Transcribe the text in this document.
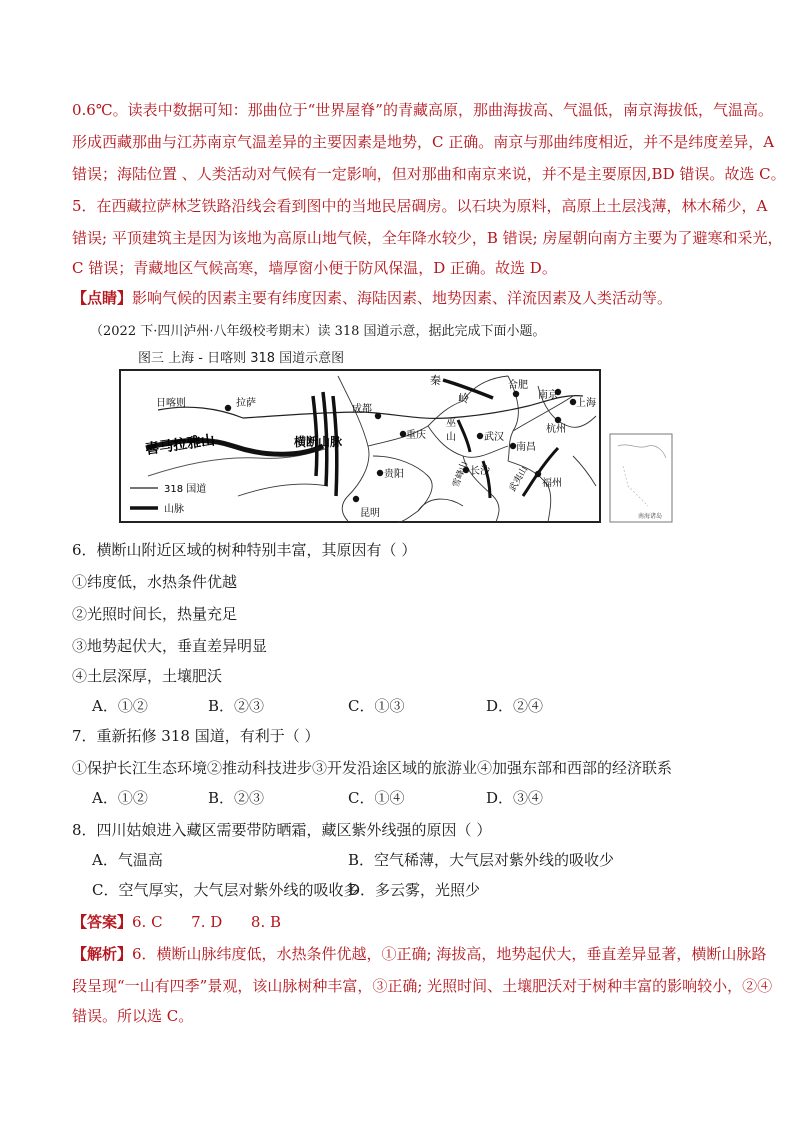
0.6℃。读表中数据可知：那曲位于“世界屋脊”的青藏高原，那曲海拔高、气温低，南京海拔低，气温高。
形成西藏那曲与江苏南京气温差异的主要因素是地势，C 正确。南京与那曲纬度相近，并不是纬度差异，A
错误；海陆位置 、人类活动对气候有一定影响，但对那曲和南京来说，并不是主要原因,BD 错误。故选 C。
5．在西藏拉萨林芝铁路沿线会看到图中的当地民居碉房。以石块为原料，高原上土层浅薄，林木稀少，A
错误; 平顶建筑主是因为该地为高原山地气候，全年降水较少，B 错误; 房屋朝向南方主要为了避寒和采光，
C 错误；青藏地区气候高寒，墙厚窗小便于防风保温，D 正确。故选 D。
【点睛】影响气候的因素主要有纬度因素、海陆因素、地势因素、洋流因素及人类活动等。
（2022 下·四川泸州·八年级校考期末）读 318 国道示意，据此完成下面小题。
图三 上海 - 日喀则 318 国道示意图
日喀则	拉萨
成都
重庆
贵阳
昆明
长沙
武汉
合肥
南京
上海
杭州
南昌
福州
喜马拉雅山	横断山脉
秦
岭
巫
山
雪峰山	武夷山
318 国道
山脉
南海诸岛
6．横断山附近区域的树种特别丰富，其原因有（ ）
①纬度低，水热条件优越
②光照时间长，热量充足
③地势起伏大，垂直差异明显
④土层深厚，土壤肥沃
A．①②	B．②③	C．①③	D．②④
7．重新拓修 318 国道，有利于（ ）
①保护长江生态环境②推动科技进步③开发沿途区域的旅游业④加强东部和西部的经济联系
A．①②	B．②③	C．①④	D．③④
8．四川姑娘进入藏区需要带防晒霜，藏区紫外线强的原因（ ）
A．气温高	B．空气稀薄，大气层对紫外线的吸收少
C．空气厚实，大气层对紫外线的吸收多
D．多云雾，光照少
【答案】6. C      7. D      8. B
【解析】6．横断山脉纬度低，水热条件优越，①正确; 海拔高，地势起伏大，垂直差异显著，横断山脉路
段呈现“一山有四季”景观，该山脉树种丰富，③正确; 光照时间、土壤肥沃对于树种丰富的影响较小，②④
错误。所以选 C。
